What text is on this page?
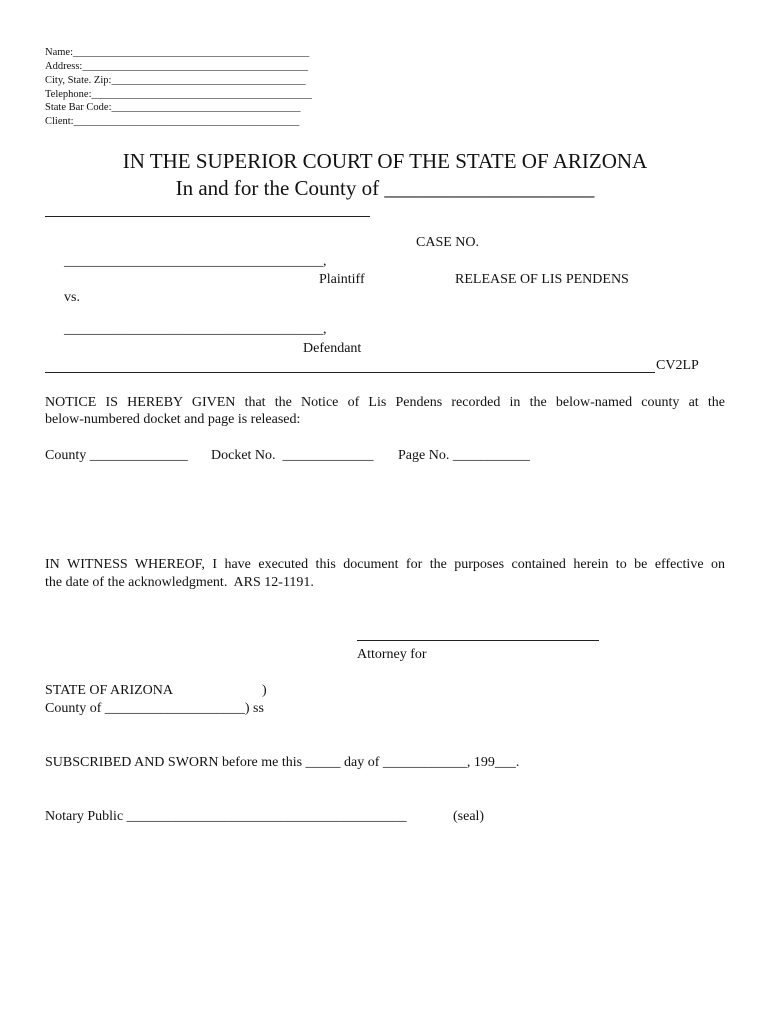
Name:_____________________________________________
Address:___________________________________________
City, State. Zip:_____________________________________
Telephone:__________________________________________
State Bar Code:____________________________________
Client:___________________________________________
IN THE SUPERIOR COURT OF THE STATE OF ARIZONA
In and for the County of ____________________
CASE NO.
_____________________________________,
Plaintiff	RELEASE OF LIS PENDENS
vs.
_____________________________________,
Defendant
CV2LP
NOTICE IS HEREBY GIVEN that the Notice of Lis Pendens recorded in the below-named county at the
below-numbered docket and page is released:
County ______________ Docket No.  _____________ Page No. ___________
IN WITNESS WHEREOF, I have executed this document for the purposes contained herein to be effective on
the date of the acknowledgment.  ARS 12-1191.
Attorney for
STATE OF ARIZONA	)
County of ____________________) ss
SUBSCRIBED AND SWORN before me this _____ day of ____________, 199___.
Notary Public ________________________________________	(seal)
